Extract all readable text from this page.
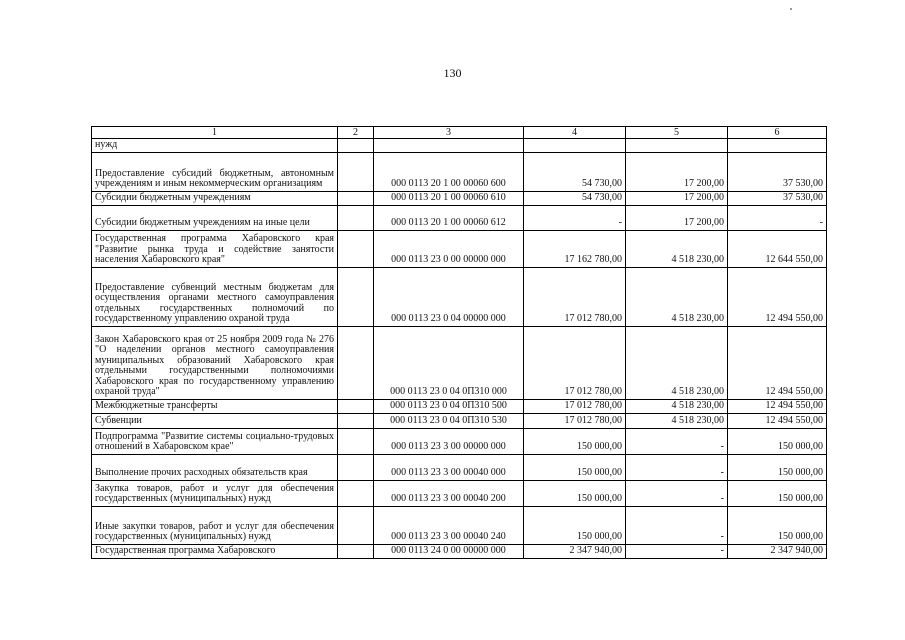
130
1	2	3	4	5	6
нужд					
Предоставление субсидий бюджетным, автономным учреждениям и иным некоммерческим организациям		000 0113 20 1 00 00060 600	54 730,00	17 200,00	37 530,00
Субсидии бюджетным учреждениям		000 0113 20 1 00 00060 610	54 730,00	17 200,00	37 530,00
Субсидии бюджетным учреждениям на иные цели		000 0113 20 1 00 00060 612	-	17 200,00	-
Государственная программа Хабаровского края "Развитие рынка труда и содействие занятости населения Хабаровского края"		000 0113 23 0 00 00000 000	17 162 780,00	4 518 230,00	12 644 550,00
Предоставление субвенций местным бюджетам для осуществления органами местного самоуправления отдельных государственных полномочий по государственному управлению охраной труда		000 0113 23 0 04 00000 000	17 012 780,00	4 518 230,00	12 494 550,00
Закон Хабаровского края от 25 ноября 2009 года № 276 "О наделении органов местного самоуправления муниципальных образований Хабаровского края отдельными государственными полномочиями Хабаровского края по государственному управлению охраной труда"		000 0113 23 0 04 0П310 000	17 012 780,00	4 518 230,00	12 494 550,00
Межбюджетные трансферты		000 0113 23 0 04 0П310 500	17 012 780,00	4 518 230,00	12 494 550,00
Субвенции		000 0113 23 0 04 0П310 530	17 012 780,00	4 518 230,00	12 494 550,00
Подпрограмма "Развитие системы социально-трудовых отношений в Хабаровском крае"		000 0113 23 3 00 00000 000	150 000,00	-	150 000,00
Выполнение прочих расходных обязательств края		000 0113 23 3 00 00040 000	150 000,00	-	150 000,00
Закупка товаров, работ и услуг для обеспечения государственных (муниципальных) нужд		000 0113 23 3 00 00040 200	150 000,00	-	150 000,00
Иные закупки товаров, работ и услуг для обеспечения государственных (муниципальных) нужд		000 0113 23 3 00 00040 240	150 000,00	-	150 000,00
Государственная программа Хабаровского		000 0113 24 0 00 00000 000	2 347 940,00	-	2 347 940,00
